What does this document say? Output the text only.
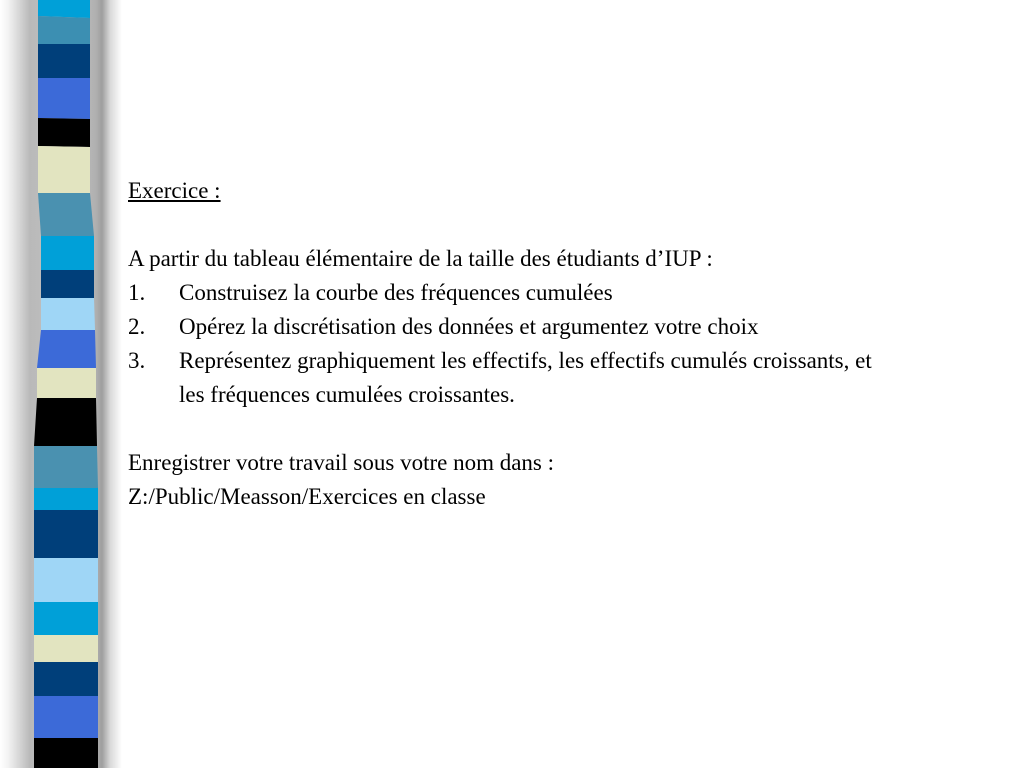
Exercice :

A partir du tableau élémentaire de la taille des étudiants d’IUP :

1.	Construisez la courbe des fréquences cumulées
2.	Opérez la discrétisation des données et argumentez votre choix
3.	Représentez graphiquement les effectifs, les effectifs cumulés croissants, et les fréquences cumulées croissantes.

Enregistrer votre travail sous votre nom dans :

Z:/Public/Measson/Exercices en classe
